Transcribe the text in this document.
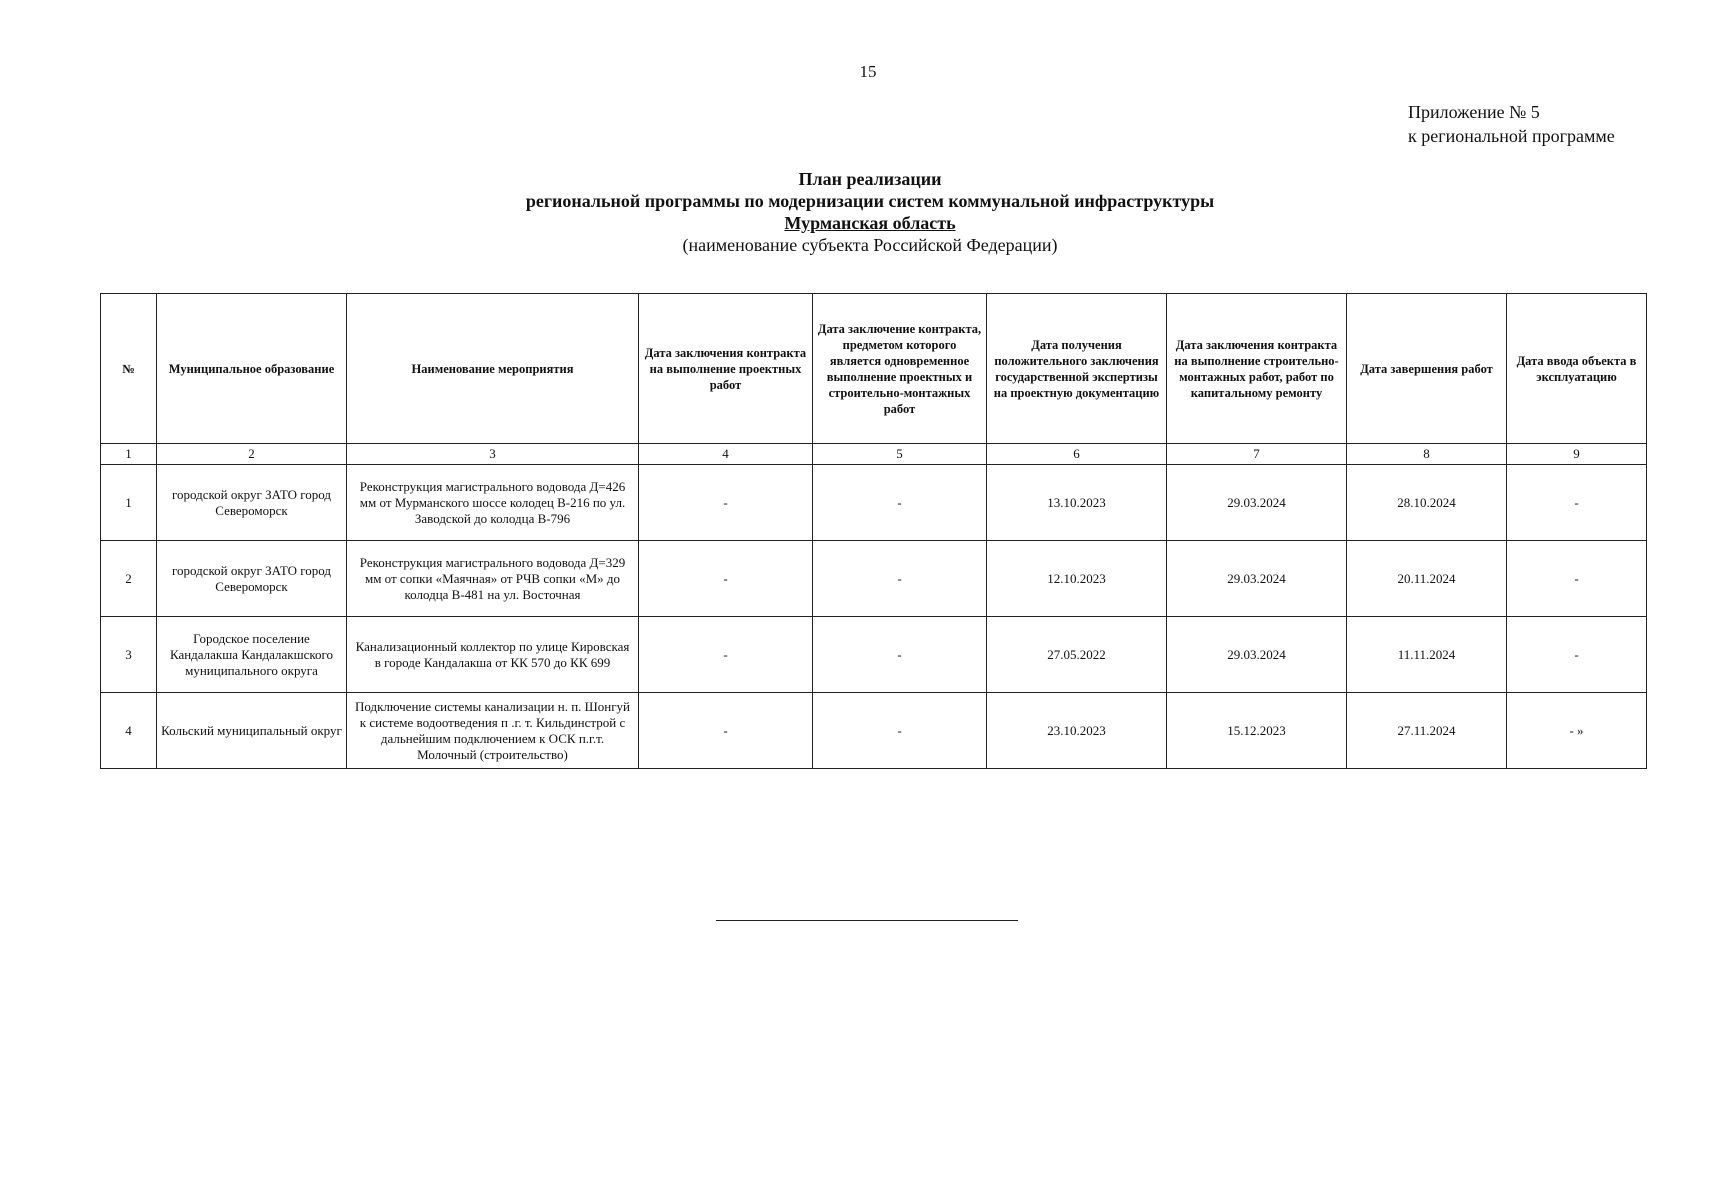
15
Приложение № 5
к региональной программе
План реализации
региональной программы по модернизации систем коммунальной инфраструктуры
Мурманская область
(наименование субъекта Российской Федерации)
№	Муниципальное образование	Наименование мероприятия	Дата заключения контракта на выполнение проектных работ	Дата заключение контракта, предметом которого является одновременное выполнение проектных и строительно-монтажных работ	Дата получения положительного заключения государственной экспертизы на проектную документацию	Дата заключения контракта на выполнение строительно-монтажных работ, работ по капитальному ремонту	Дата завершения работ	Дата ввода объекта в эксплуатацию
1	2	3	4	5	6	7	8	9
1	городской округ ЗАТО город Североморск	Реконструкция магистрального водовода Д=426 мм от Мурманского шоссе колодец В-216 по ул. Заводской до колодца В-796	-	-	13.10.2023	29.03.2024	28.10.2024	-
2	городской округ ЗАТО город Североморск	Реконструкция магистрального водовода Д=329 мм от сопки «Маячная» от РЧВ сопки «М» до колодца В-481 на ул. Восточная	-	-	12.10.2023	29.03.2024	20.11.2024	-
3	Городское поселение Кандалакша Кандалакшского муниципального округа	Канализационный коллектор по улице Кировская в городе Кандалакша от КК 570 до КК 699	-	-	27.05.2022	29.03.2024	11.11.2024	-
4	Кольский муниципальный округ	Подключение системы канализации н. п. Шонгуй к системе водоотведения п .г. т. Кильдинстрой с дальнейшим подключением к ОСК п.г.т. Молочный (строительство)	-	-	23.10.2023	15.12.2023	27.11.2024	- »
